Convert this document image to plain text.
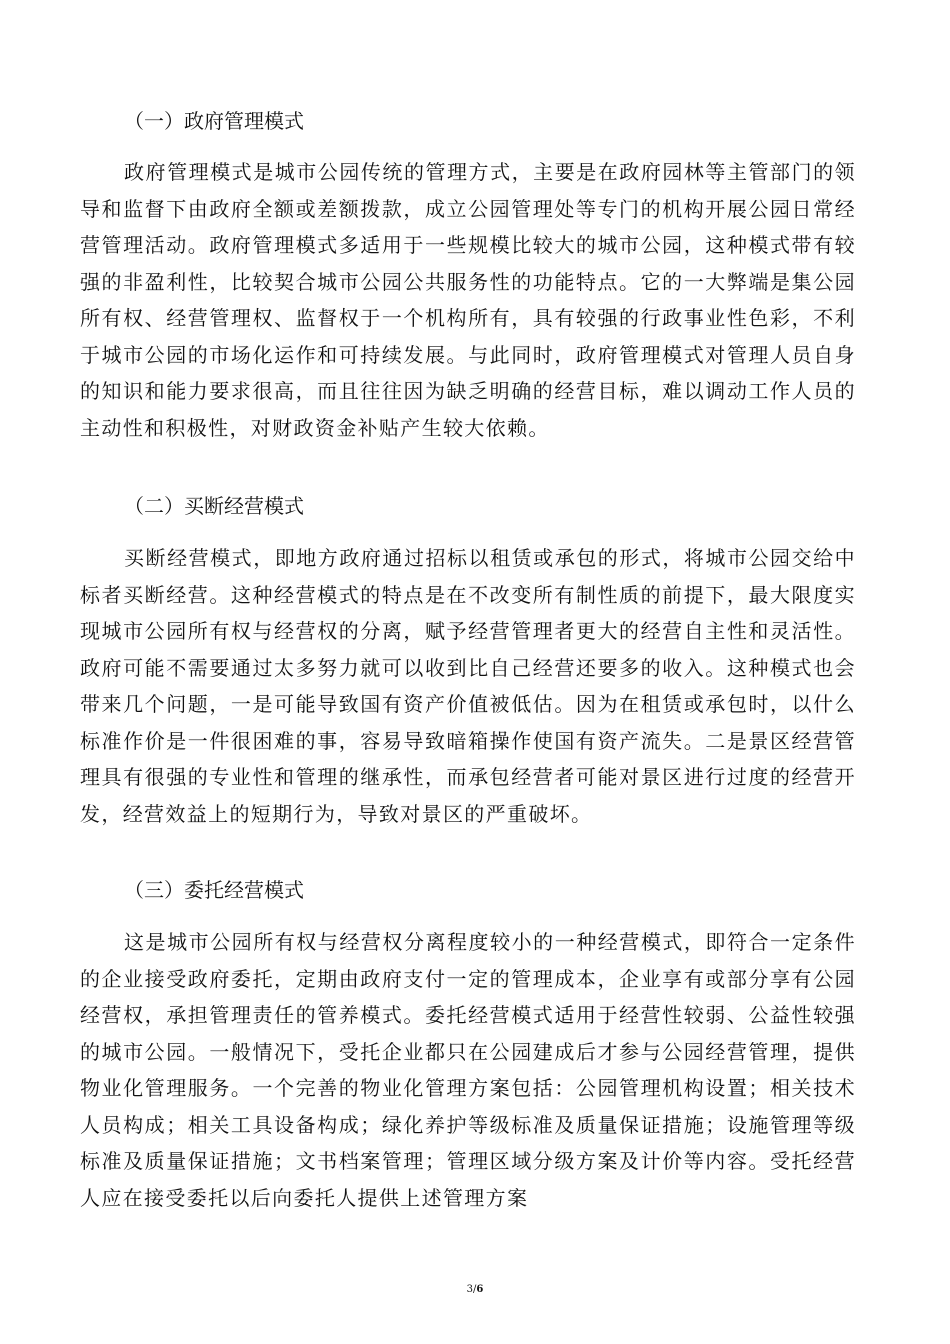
（一）政府管理模式

政府管理模式是城市公园传统的管理方式，主要是在政府园林等主管部门的领导和监督下由政府全额或差额拨款，成立公园管理处等专门的机构开展公园日常经营管理活动。政府管理模式多适用于一些规模比较大的城市公园，这种模式带有较强的非盈利性，比较契合城市公园公共服务性的功能特点。它的一大弊端是集公园所有权、经营管理权、监督权于一个机构所有，具有较强的行政事业性色彩，不利于城市公园的市场化运作和可持续发展。与此同时，政府管理模式对管理人员自身的知识和能力要求很高，而且往往因为缺乏明确的经营目标，难以调动工作人员的主动性和积极性，对财政资金补贴产生较大依赖。

（二）买断经营模式

买断经营模式，即地方政府通过招标以租赁或承包的形式，将城市公园交给中标者买断经营。这种经营模式的特点是在不改变所有制性质的前提下，最大限度实现城市公园所有权与经营权的分离，赋予经营管理者更大的经营自主性和灵活性。政府可能不需要通过太多努力就可以收到比自己经营还要多的收入。这种模式也会带来几个问题，一是可能导致国有资产价值被低估。因为在租赁或承包时，以什么标准作价是一件很困难的事，容易导致暗箱操作使国有资产流失。二是景区经营管理具有很强的专业性和管理的继承性，而承包经营者可能对景区进行过度的经营开发，经营效益上的短期行为，导致对景区的严重破坏。

（三）委托经营模式

这是城市公园所有权与经营权分离程度较小的一种经营模式，即符合一定条件的企业接受政府委托，定期由政府支付一定的管理成本，企业享有或部分享有公园经营权，承担管理责任的管养模式。委托经营模式适用于经营性较弱、公益性较强的城市公园。一般情况下，受托企业都只在公园建成后才参与公园经营管理，提供物业化管理服务。一个完善的物业化管理方案包括：公园管理机构设置；相关技术人员构成；相关工具设备构成；绿化养护等级标准及质量保证措施；设施管理等级标准及质量保证措施；文书档案管理；管理区域分级方案及计价等内容。受托经营人应在接受委托以后向委托人提供上述管理方案

3/6
